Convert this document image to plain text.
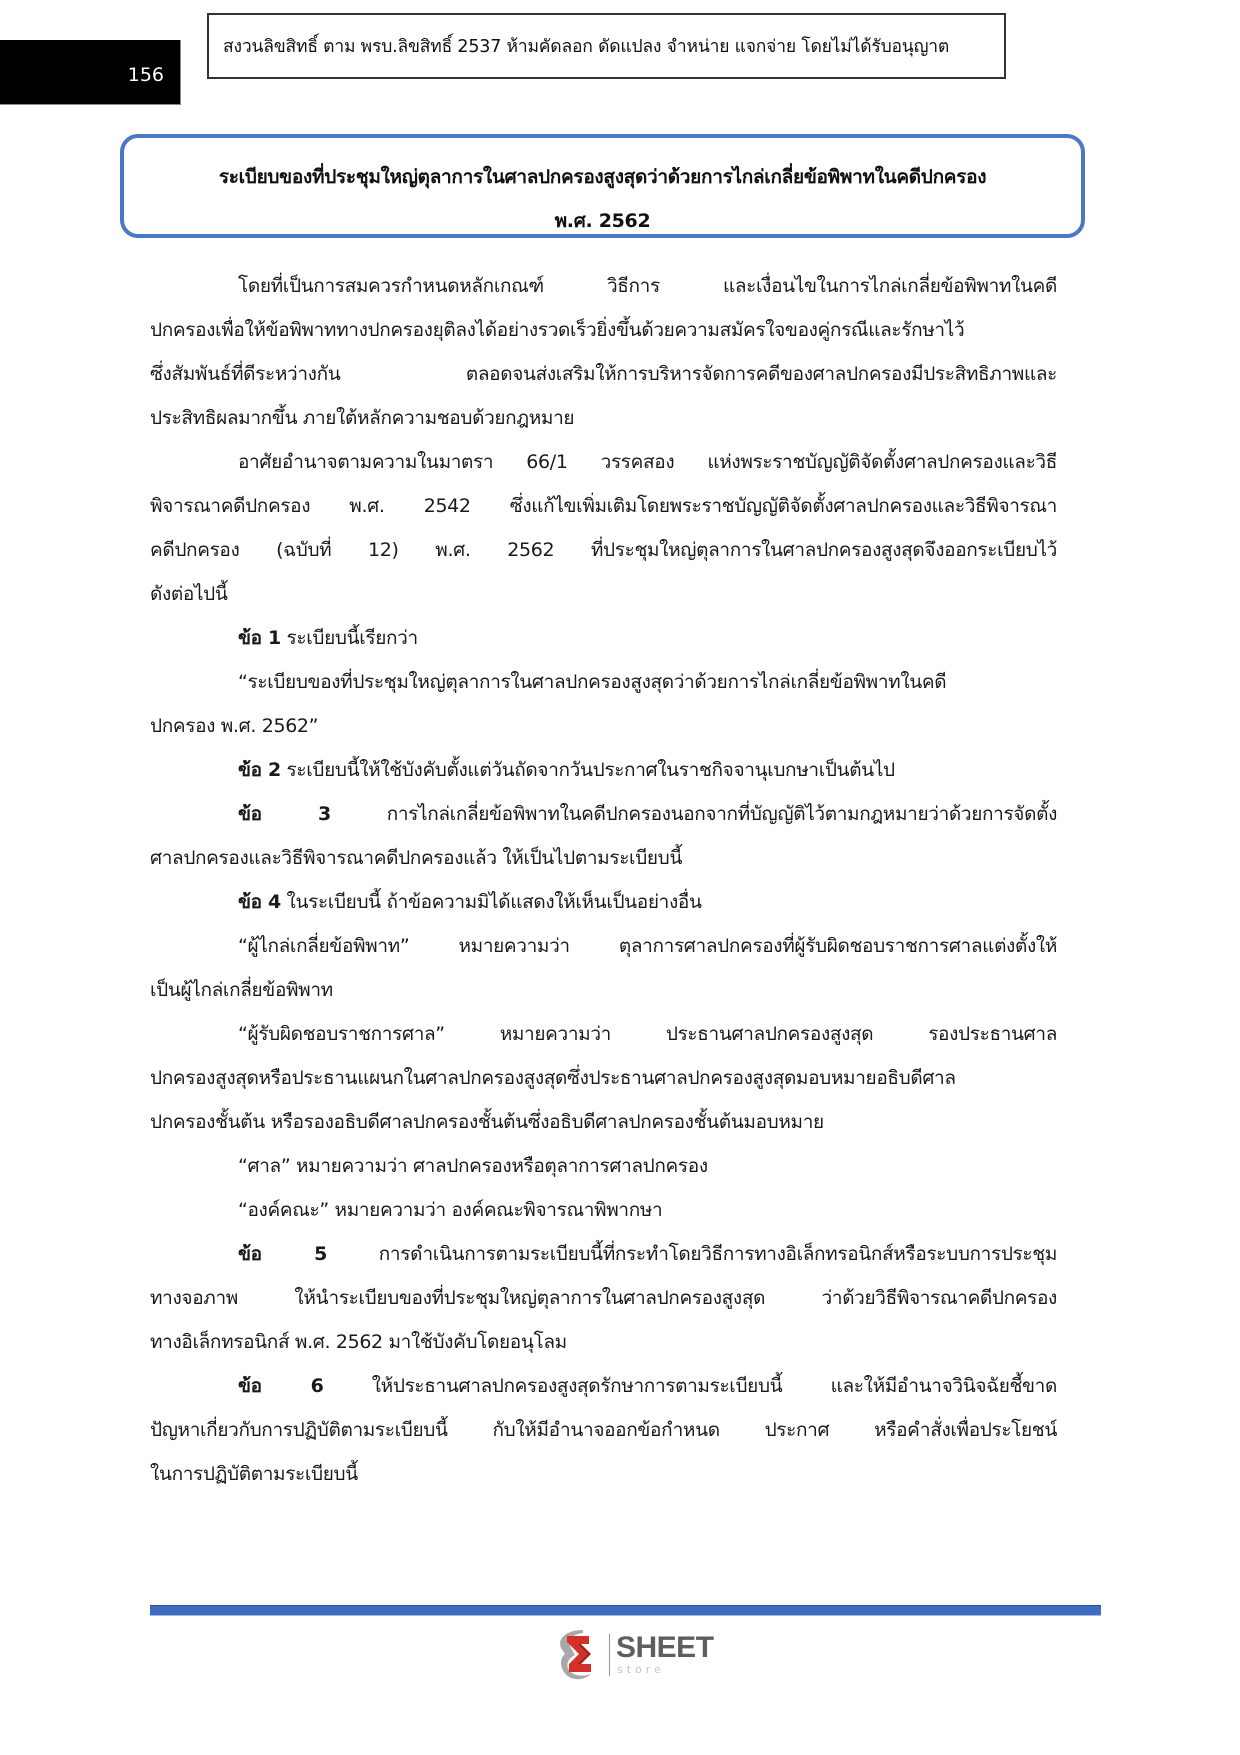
156
สงวนลิขสิทธิ์ ตาม พรบ.ลิขสิทธิ์ 2537 ห้ามคัดลอก ดัดแปลง จำหน่าย แจกจ่าย โดยไม่ได้รับอนุญาต
ระเบียบของที่ประชุมใหญ่ตุลาการในศาลปกครองสูงสุดว่าด้วยการไกล่เกลี่ยข้อพิพาทในคดีปกครอง
พ.ศ. 2562
โดยที่เป็นการสมควรกำหนดหลักเกณฑ์ วิธีการ และเงื่อนไขในการไกล่เกลี่ยข้อพิพาทในคดี
ปกครองเพื่อให้ข้อพิพาททางปกครองยุติลงได้อย่างรวดเร็วยิ่งขึ้นด้วยความสมัครใจของคู่กรณีและรักษาไว้
ซึ่งสัมพันธ์ที่ดีระหว่างกัน ตลอดจนส่งเสริมให้การบริหารจัดการคดีของศาลปกครองมีประสิทธิภาพและ
ประสิทธิผลมากขึ้น ภายใต้หลักความชอบด้วยกฎหมาย
อาศัยอำนาจตามความในมาตรา 66/1 วรรคสอง แห่งพระราชบัญญัติจัดตั้งศาลปกครองและวิธี
พิจารณาคดีปกครอง พ.ศ. 2542 ซึ่งแก้ไขเพิ่มเติมโดยพระราชบัญญัติจัดตั้งศาลปกครองและวิธีพิจารณา
คดีปกครอง (ฉบับที่ 12) พ.ศ. 2562 ที่ประชุมใหญ่ตุลาการในศาลปกครองสูงสุดจึงออกระเบียบไว้
ดังต่อไปนี้
ข้อ 1 ระเบียบนี้เรียกว่า
“ระเบียบของที่ประชุมใหญ่ตุลาการในศาลปกครองสูงสุดว่าด้วยการไกล่เกลี่ยข้อพิพาทในคดี
ปกครอง พ.ศ. 2562”
ข้อ 2 ระเบียบนี้ให้ใช้บังคับตั้งแต่วันถัดจากวันประกาศในราชกิจจานุเบกษาเป็นต้นไป
ข้อ 3 การไกล่เกลี่ยข้อพิพาทในคดีปกครองนอกจากที่บัญญัติไว้ตามกฎหมายว่าด้วยการจัดตั้ง
ศาลปกครองและวิธีพิจารณาคดีปกครองแล้ว ให้เป็นไปตามระเบียบนี้
ข้อ 4 ในระเบียบนี้ ถ้าข้อความมิได้แสดงให้เห็นเป็นอย่างอื่น
“ผู้ไกล่เกลี่ยข้อพิพาท” หมายความว่า ตุลาการศาลปกครองที่ผู้รับผิดชอบราชการศาลแต่งตั้งให้
เป็นผู้ไกล่เกลี่ยข้อพิพาท
“ผู้รับผิดชอบราชการศาล” หมายความว่า ประธานศาลปกครองสูงสุด รองประธานศาล
ปกครองสูงสุดหรือประธานแผนกในศาลปกครองสูงสุดซึ่งประธานศาลปกครองสูงสุดมอบหมายอธิบดีศาล
ปกครองชั้นต้น หรือรองอธิบดีศาลปกครองชั้นต้นซึ่งอธิบดีศาลปกครองชั้นต้นมอบหมาย
“ศาล” หมายความว่า ศาลปกครองหรือตุลาการศาลปกครอง
“องค์คณะ” หมายความว่า องค์คณะพิจารณาพิพากษา
ข้อ 5 การดำเนินการตามระเบียบนี้ที่กระทำโดยวิธีการทางอิเล็กทรอนิกส์หรือระบบการประชุม
ทางจอภาพ ให้นำระเบียบของที่ประชุมใหญ่ตุลาการในศาลปกครองสูงสุด ว่าด้วยวิธีพิจารณาคดีปกครอง
ทางอิเล็กทรอนิกส์ พ.ศ. 2562 มาใช้บังคับโดยอนุโลม
ข้อ 6 ให้ประธานศาลปกครองสูงสุดรักษาการตามระเบียบนี้ และให้มีอำนาจวินิจฉัยชี้ขาด
ปัญหาเกี่ยวกับการปฏิบัติตามระเบียบนี้ กับให้มีอำนาจออกข้อกำหนด ประกาศ หรือคำสั่งเพื่อประโยชน์
ในการปฏิบัติตามระเบียบนี้
SHEET
store
